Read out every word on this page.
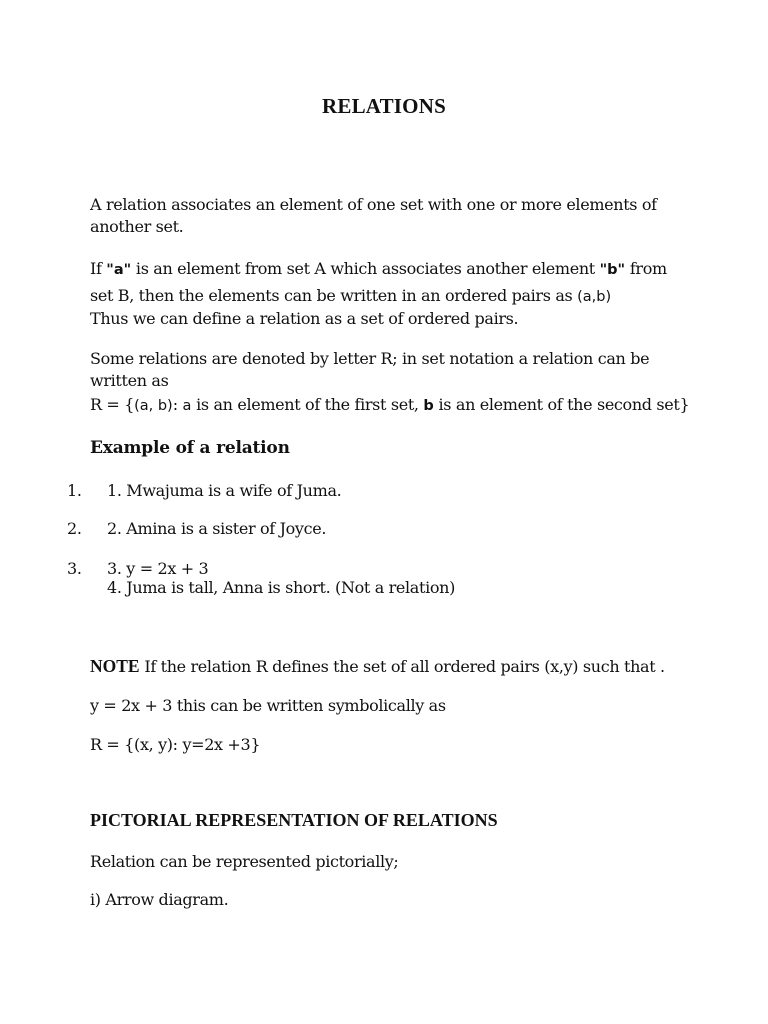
RELATIONS
A relation associates an element of one set with one or more elements of another set.
If "a" is an element from set A which associates another element "b" from
set B, then the elements can be written in an ordered pairs as (a,b)
Thus we can define a relation as a set of ordered pairs.
Some relations are denoted by letter R; in set notation a relation can be written as
R = {(a, b): a is an element of the first set, b is an element of the second set}
Example of a relation
1. 1. Mwajuma is a wife of Juma.
2. 2. Amina is a sister of Joyce.
3. 3. y = 2x + 3
4. Juma is tall, Anna is short. (Not a relation)
NOTE If the relation R defines the set of all ordered pairs (x,y) such that .
y = 2x + 3 this can be written symbolically as
R = {(x, y): y=2x +3}
PICTORIAL REPRESENTATION OF RELATIONS
Relation can be represented pictorially;
i) Arrow diagram.
